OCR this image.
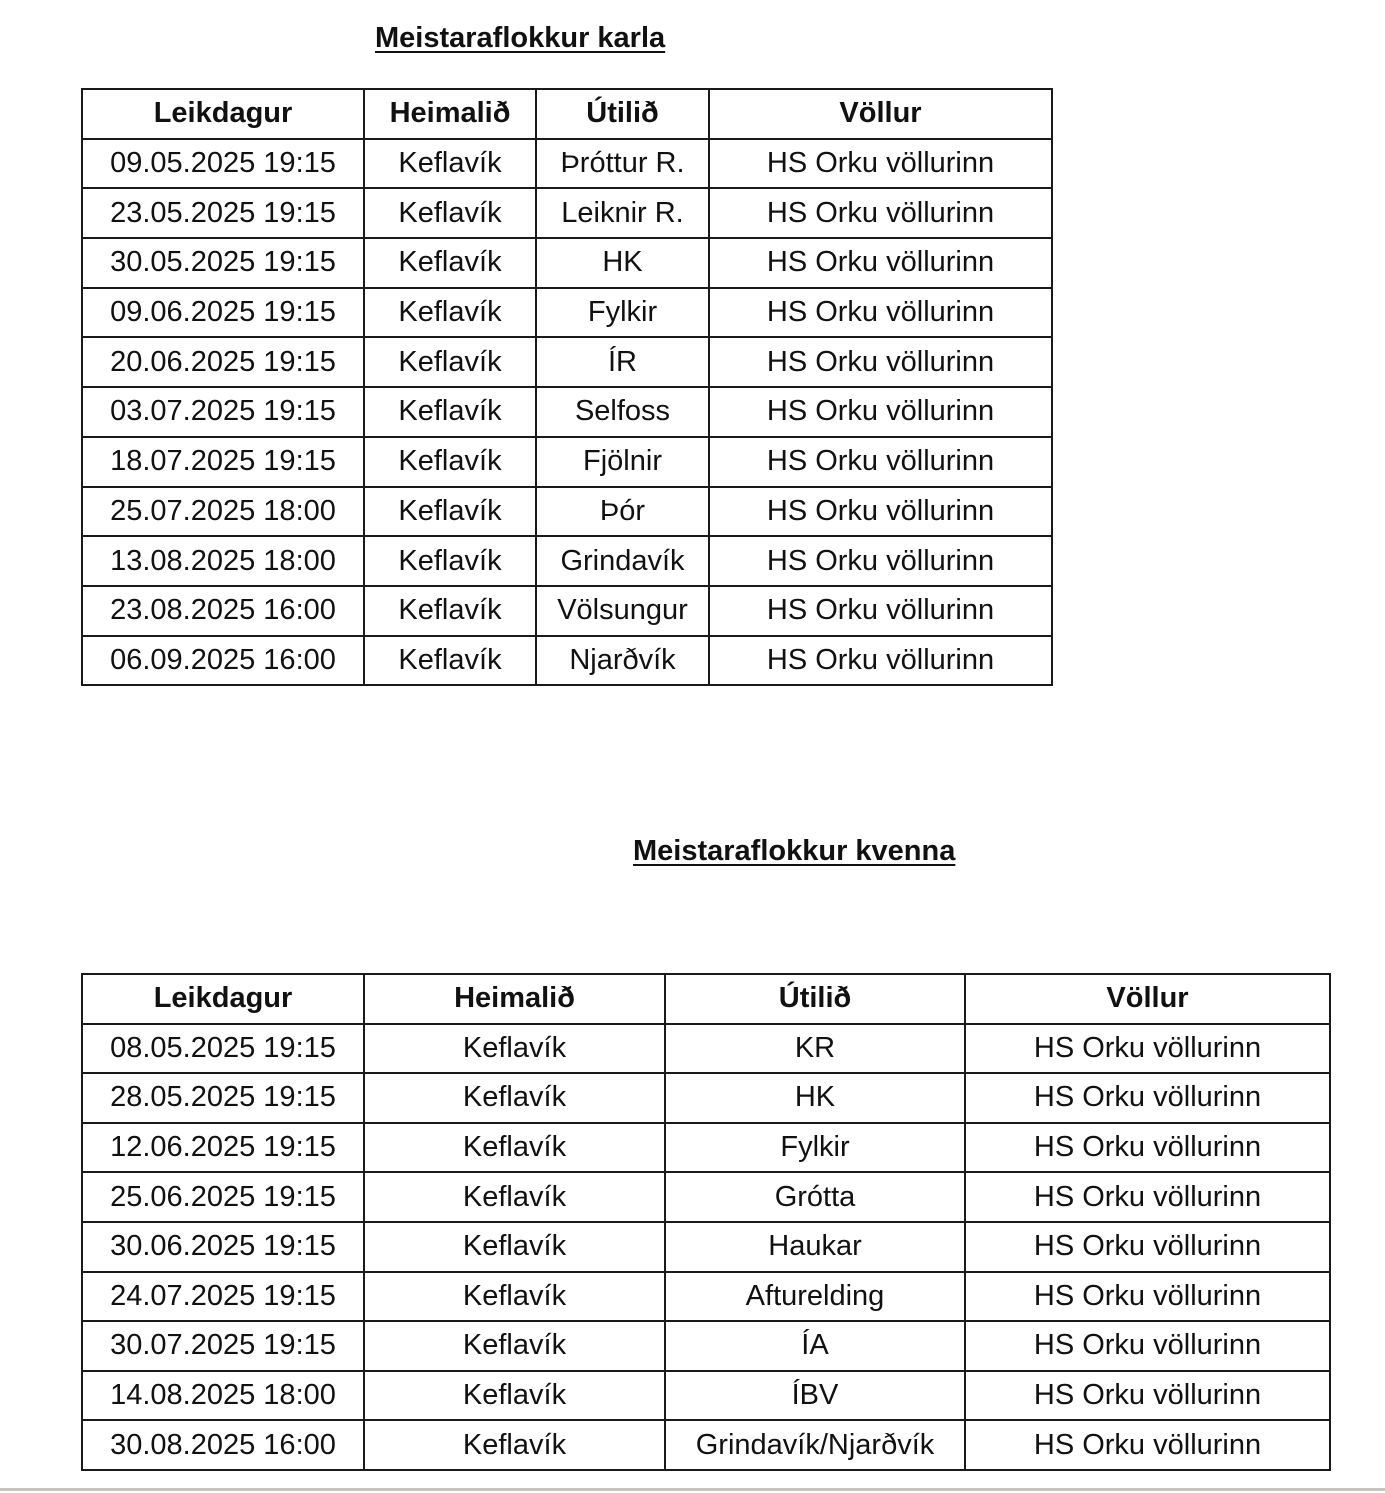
Meistaraflokkur karla
Leikdagur	Heimalið	Útilið	Völlur
09.05.2025 19:15	Keflavík	Þróttur R.	HS Orku völlurinn
23.05.2025 19:15	Keflavík	Leiknir R.	HS Orku völlurinn
30.05.2025 19:15	Keflavík	HK	HS Orku völlurinn
09.06.2025 19:15	Keflavík	Fylkir	HS Orku völlurinn
20.06.2025 19:15	Keflavík	ÍR	HS Orku völlurinn
03.07.2025 19:15	Keflavík	Selfoss	HS Orku völlurinn
18.07.2025 19:15	Keflavík	Fjölnir	HS Orku völlurinn
25.07.2025 18:00	Keflavík	Þór	HS Orku völlurinn
13.08.2025 18:00	Keflavík	Grindavík	HS Orku völlurinn
23.08.2025 16:00	Keflavík	Völsungur	HS Orku völlurinn
06.09.2025 16:00	Keflavík	Njarðvík	HS Orku völlurinn
Meistaraflokkur kvenna
Leikdagur	Heimalið	Útilið	Völlur
08.05.2025 19:15	Keflavík	KR	HS Orku völlurinn
28.05.2025 19:15	Keflavík	HK	HS Orku völlurinn
12.06.2025 19:15	Keflavík	Fylkir	HS Orku völlurinn
25.06.2025 19:15	Keflavík	Grótta	HS Orku völlurinn
30.06.2025 19:15	Keflavík	Haukar	HS Orku völlurinn
24.07.2025 19:15	Keflavík	Afturelding	HS Orku völlurinn
30.07.2025 19:15	Keflavík	ÍA	HS Orku völlurinn
14.08.2025 18:00	Keflavík	ÍBV	HS Orku völlurinn
30.08.2025 16:00	Keflavík	Grindavík/Njarðvík	HS Orku völlurinn
